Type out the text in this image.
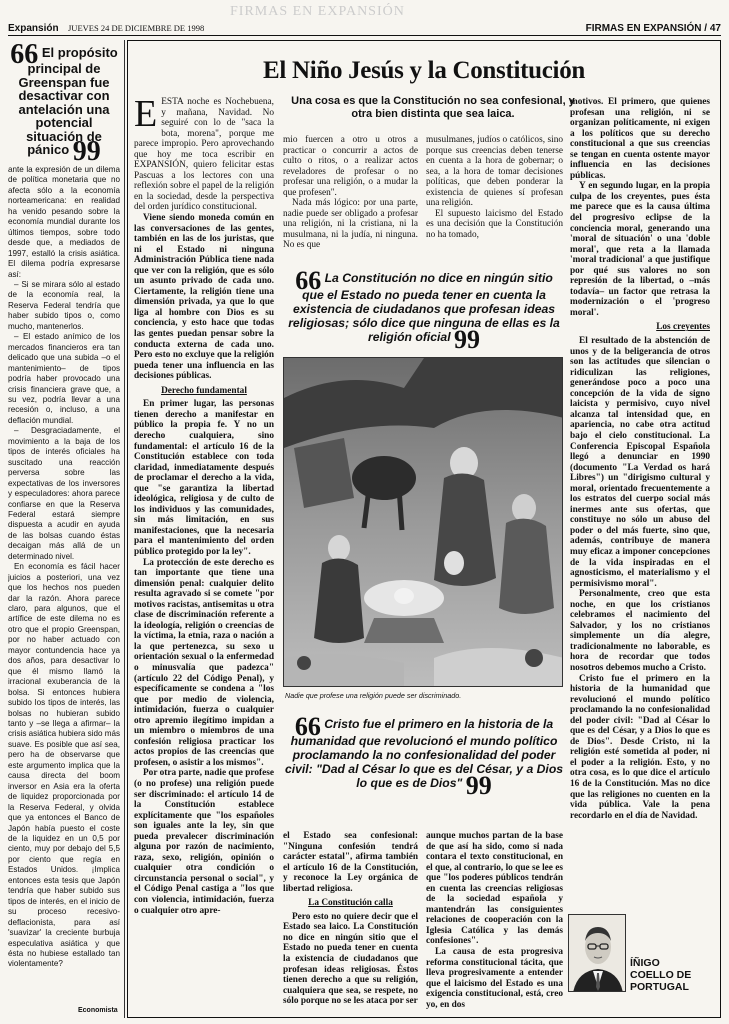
FIRMAS EN EXPANSIÓN
Expansión JUEVES 24 DE DICIEMBRE DE 1998	FIRMAS EN EXPANSIÓN / 47
66 El propósito principal de Greenspan fue desactivar con antelación una potencial situación de pánico 99

ante la expresión de un dilema de política monetaria que no afecta sólo a la economía norteamericana: en realidad ha venido pesando sobre la economía mundial durante los últimos tiempos, sobre todo desde que, a mediados de 1997, estalló la crisis asiática. El dilema podría expresarse así:

– Si se mirara sólo al estado de la economía real, la Reserva Federal tendría que haber subido tipos o, como mucho, mantenerlos.

– El estado anímico de los mercados financieros era tan delicado que una subida –o el mantenimiento– de tipos podría haber provocado una crisis financiera grave que, a su vez, podría llevar a una recesión o, incluso, a una deflación mundial.

– Desgraciadamente, el movimiento a la baja de los tipos de interés oficiales ha suscitado una reacción perversa sobre las expectativas de los inversores y especuladores: ahora parece confiarse en que la Reserva Federal estará siempre dispuesta a acudir en ayuda de las bolsas cuando éstas decaigan más allá de un determinado nivel.

En economía es fácil hacer juicios a posteriori, una vez que los hechos nos pueden dar la razón. Ahora parece claro, para algunos, que el artífice de este dilema no es otro que el propio Greenspan, por no haber actuado con mayor contundencia hace ya dos años, para desactivar lo que él mismo llamó la irracional exuberancia de la bolsa. Si entonces hubiera subido los tipos de interés, las bolsas no hubieran subido tanto y –se llega a afirmar– la crisis asiática hubiera sido más suave. Es posible que así sea, pero ha de observarse que este argumento implica que la causa directa del boom inversor en Asia era la oferta de liquidez proporcionada por la Reserva Federal, y olvida que ya entonces el Banco de Japón había puesto el coste de la liquidez en un 0,5 por ciento, muy por debajo del 5,5 por ciento que regía en Estados Unidos. ¡Implica entonces esta tesis que Japón tendría que haber subido sus tipos de interés, en el inicio de su proceso recesivo-deflacionista, para así 'suavizar' la creciente burbuja especulativa asiática y que ésta no hubiese estallado tan violentamente?

Economista
El Niño Jesús y la Constitución
Una cosa es que la Constitución no sea confesional, y otra bien distinta que sea laica.

EESTA noche es Nochebuena, y mañana, Navidad. No seguiré con lo de "saca la bota, morena", porque me parece impropio. Pero aprovechando que hoy me toca escribir en EXPANSIÓN, quiero felicitar estas Pascuas a los lectores con una reflexión sobre el papel de la religión en la sociedad, desde la perspectiva del orden jurídico constitucional.

Viene siendo moneda común en las conversaciones de las gentes, también en las de los juristas, que ni el Estado ni ninguna Administración Pública tiene nada que ver con la religión, que es sólo un asunto privado de cada uno. Ciertamente, la religión tiene una dimensión privada, ya que lo que liga al hombre con Dios es su conciencia, y esto hace que todas las gentes puedan pensar sobre la conducta externa de cada uno. Pero esto no excluye que la religión pueda tener una influencia en las decisiones públicas.

Derecho fundamental

En primer lugar, las personas tienen derecho a manifestar en público la propia fe. Y no un derecho cualquiera, sino fundamental: el artículo 16 de la Constitución establece con toda claridad, inmediatamente después de proclamar el derecho a la vida, que "se garantiza la libertad ideológica, religiosa y de culto de los individuos y las comunidades, sin más limitación, en sus manifestaciones, que la necesaria para el mantenimiento del orden público protegido por la ley".

La protección de este derecho es tan importante que tiene una dimensión penal: cualquier delito resulta agravado si se comete "por motivos racistas, antisemitas u otra clase de discriminación referente a la ideología, religión o creencias de la víctima, la etnia, raza o nación a la que pertenezca, su sexo u orientación sexual o la enfermedad o minusvalía que padezca" (artículo 22 del Código Penal), y específicamente se condena a "los que por medio de violencia, intimidación, fuerza o cualquier otro apremio ilegítimo impidan a un miembro o miembros de una confesión religiosa practicar los actos propios de las creencias que profesen, o asistir a los mismos".

Por otra parte, nadie que profese (o no profese) una religión puede ser discriminado: el artículo 14 de la Constitución establece explícitamente que "los españoles son iguales ante la ley, sin que pueda prevalecer discriminación alguna por razón de nacimiento, raza, sexo, religión, opinión o cualquier otra condición o circunstancia personal o social", y el Código Penal castiga a "los que con violencia, intimidación, fuerza o cualquier otro apre-

mio fuercen a otro u otros a practicar o concurrir a actos de culto o ritos, o a realizar actos reveladores de profesar o no profesar una religión, o a mudar la que profesen".

Nada más lógico: por una parte, nadie puede ser obligado a profesar una religión, ni la cristiana, ni la musulmana, ni la judía, ni ninguna. No es que

musulmanes, judíos o católicos, sino porque sus creencias deben tenerse en cuenta a la hora de gobernar; o sea, a la hora de tomar decisiones políticas, que deben ponderar la existencia de quienes sí profesan una religión.

El supuesto laicismo del Estado es una decisión que la Constitución no ha tomado,

66 La Constitución no dice en ningún sitio que el Estado no pueda tener en cuenta la existencia de ciudadanos que profesan ideas religiosas; sólo dice que ninguna de ellas es la religión oficial 99
Nadie que profese una religión puede ser discriminado.
66 Cristo fue el primero en la historia de la humanidad que revolucionó el mundo político proclamando la no confesionalidad del poder civil: "Dad al César lo que es del César, y a Dios lo que es de Dios" 99

el Estado sea confesional: "Ninguna confesión tendrá carácter estatal", afirma también el artículo 16 de la Constitución, y reconoce la Ley orgánica de libertad religiosa.

La Constitución calla

Pero esto no quiere decir que el Estado sea laico. La Constitución no dice en ningún sitio que el Estado no pueda tener en cuenta la existencia de ciudadanos que profesan ideas religiosas. Éstos tienen derecho a que su religión, cualquiera que sea, se respete, no sólo porque no se les ataca por ser

aunque muchos partan de la base de que así ha sido, como si nada contara el texto constitucional, en el que, al contrario, lo que se lee es que "los poderes públicos tendrán en cuenta las creencias religiosas de la sociedad española y mantendrán las consiguientes relaciones de cooperación con la Iglesia Católica y las demás confesiones".

La causa de esta progresiva reforma constitucional tácita, que lleva progresivamente a entender que el laicismo del Estado es una exigencia constitucional, está, creo yo, en dos

motivos. El primero, que quienes profesan una religión, ni se organizan políticamente, ni exigen a los políticos que su derecho constitucional a que sus creencias se tengan en cuenta ostente mayor influencia en las decisiones públicas.

Y en segundo lugar, en la propia culpa de los creyentes, pues ésta me parece que es la causa última del progresivo eclipse de la conciencia moral, generando una 'moral de situación' o una 'doble moral', que reta a la llamada 'moral tradicional' a que justifique por qué sus valores no son represión de la libertad, o –más todavía– un factor que retrasa la modernización o el 'progreso moral'.

Los creyentes

El resultado de la abstención de unos y de la beligerancia de otros son las actitudes que silencian o ridiculizan las religiones, generándose poco a poco una concepción de la vida de signo laicista y permisivo, cuyo nivel alcanza tal intensidad que, en apariencia, no cabe otra actitud bajo el cielo constitucional. La Conferencia Episcopal Española llegó a denunciar en 1990 (documento "La Verdad os hará Libres") un "dirigismo cultural y moral, orientado frecuentemente a los estratos del cuerpo social más inermes ante sus ofertas, que constituye no sólo un abuso del poder o del más fuerte, sino que, además, contribuye de manera muy eficaz a imponer concepciones de la vida inspiradas en el agnosticismo, el materialismo y el permisivismo moral".

Personalmente, creo que esta noche, en que los cristianos celebramos el nacimiento del Salvador, y los no cristianos simplemente un día alegre, tradicionalmente no laborable, es hora de recordar que todos nosotros debemos mucho a Cristo.

Cristo fue el primero en la historia de la humanidad que revolucionó el mundo político proclamando la no confesionalidad del poder civil: "Dad al César lo que es del César, y a Dios lo que es de Dios". Desde Cristo, ni la religión esté sometida al poder, ni el poder a la religión. Esto, y no otra cosa, es lo que dice el artículo 16 de la Constitución. Mas no dice que las religiones no cuenten en la vida pública. Vale la pena recordarlo en el día de Navidad.

ÍÑIGO
COELLO DE
PORTUGAL
